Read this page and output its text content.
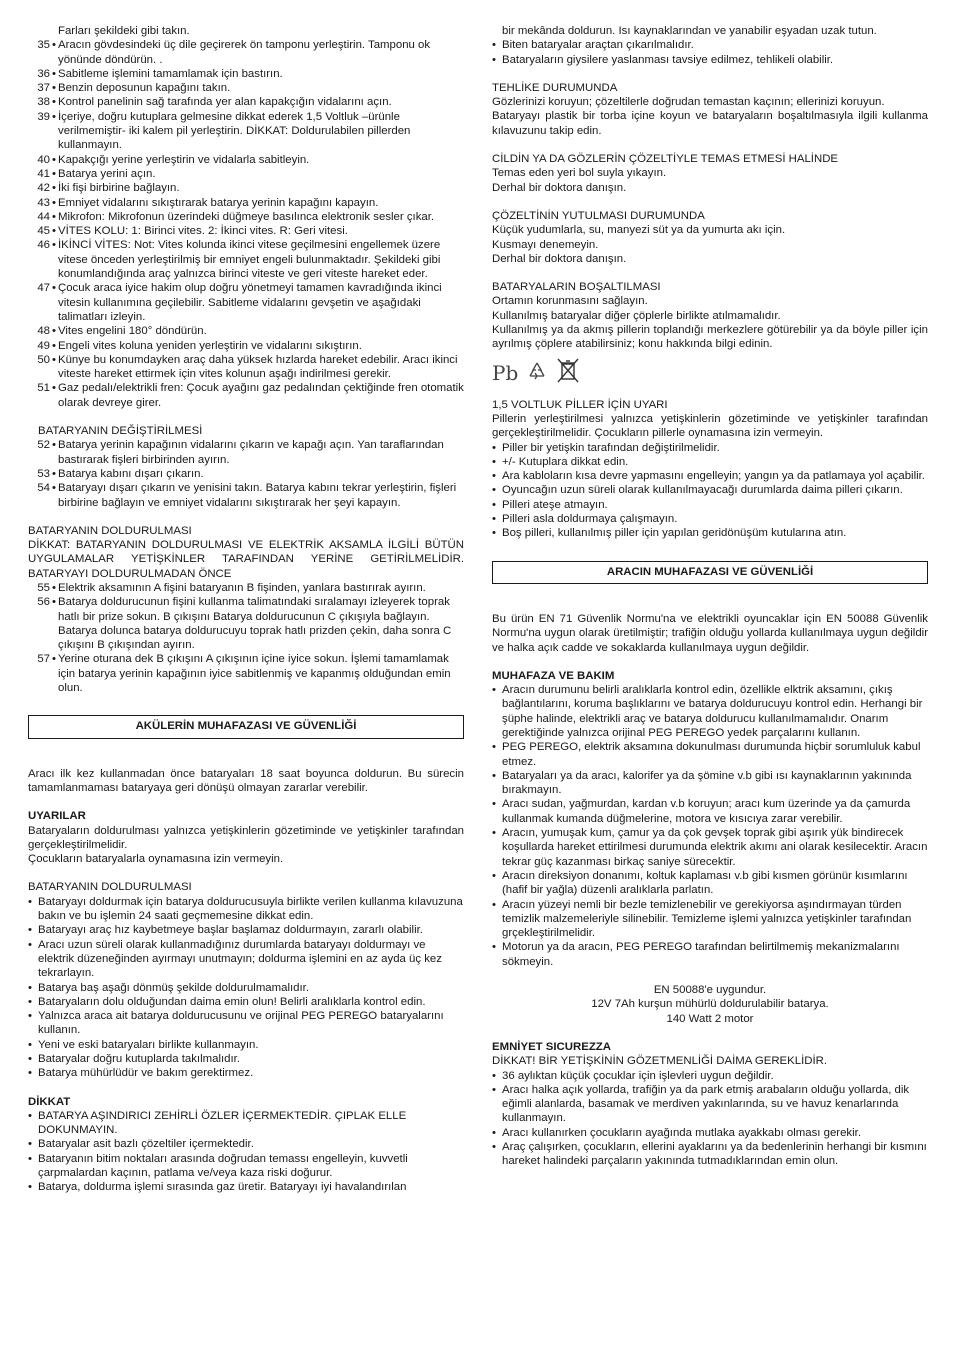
Farları şekildeki gibi takın.
35 • Aracın gövdesindeki üç dile geçirerek ön tamponu yerleştirin. Tamponu ok yönünde döndürün. .
36 • Sabitleme işlemini tamamlamak için bastırın.
37 • Benzin deposunun kapağını takın.
38 • Kontrol panelinin sağ tarafında yer alan kapakçığın vidalarını açın.
39 • İçeriye, doğru kutuplara gelmesine dikkat ederek 1,5 Voltluk –ürünle verilmemiştir- iki kalem pil yerleştirin. DİKKAT: Doldurulabilen pillerden kullanmayın.
40 • Kapakçığı yerine yerleştirin ve vidalarla sabitleyin.
41 • Batarya yerini açın.
42 • İki fişi birbirine bağlayın.
43 • Emniyet vidalarını sıkıştırarak batarya yerinin kapağını kapayın.
44 • Mikrofon: Mikrofonun üzerindeki düğmeye basılınca elektronik sesler çıkar.
45 • VİTES KOLU: 1: Birinci vites. 2: İkinci vites. R: Geri vitesi.
46 • İKİNCİ VİTES: Not: Vites kolunda ikinci vitese geçilmesini engellemek üzere vitese önceden yerleştirilmiş bir emniyet engeli bulunmaktadır. Şekildeki gibi konumlandığında araç yalnızca birinci viteste ve geri viteste hareket eder.
47 • Çocuk araca iyice hakim olup doğru yönetmeyi tamamen kavradığında ikinci vitesin kullanımına geçilebilir. Sabitleme vidalarını gevşetin ve aşağıdaki talimatları izleyin.
48 • Vites engelini 180° döndürün.
49 • Engeli vites koluna yeniden yerleştirin ve vidalarını sıkıştırın.
50 • Künye bu konumdayken araç daha yüksek hızlarda hareket edebilir. Aracı ikinci viteste hareket ettirmek için vites kolunun aşağı indirilmesi gerekir.
51 • Gaz pedalı/elektrikli fren: Çocuk ayağını gaz pedalından çektiğinde fren otomatik olarak devreye girer.
BATARYANIN DEĞİŞTİRİLMESİ
52 • Batarya yerinin kapağının vidalarını çıkarın ve kapağı açın. Yan taraflarından bastırarak fişleri birbirinden ayırın.
53 • Batarya kabını dışarı çıkarın.
54 • Bataryayı dışarı çıkarın ve yenisini takın. Batarya kabını tekrar yerleştirin, fişleri birbirine bağlayın ve emniyet vidalarını sıkıştırarak her şeyi kapayın.
BATARYANIN DOLDURULMASI
DİKKAT: BATARYANIN DOLDURULMASI VE ELEKTRİK AKSAMLA İLGİLİ BÜTÜN UYGULAMALAR YETİŞKİNLER TARAFINDAN YERİNE GETİRİLMELİDİR. BATARYAYI DOLDURULMADAN ÖNCE
55 • Elektrik aksamının A fişini bataryanın B fişinden, yanlara bastırırak ayırın.
56 • Batarya doldurucunun fişini kullanma talimatındaki sıralamayı izleyerek toprak hatlı bir prize sokun. B çıkışını Batarya doldurucunun C çıkışıyla bağlayın. Batarya dolunca batarya doldurucuyu toprak hatlı prizden çekin, daha sonra C çıkışını B çıkışından ayırın.
57 • Yerine oturana dek B çıkışını A çıkışının içine iyice sokun. İşlemi tamamlamak için batarya yerinin kapağının iyice sabitlenmiş ve kapanmış olduğundan emin olun.
AKÜLERİN MUHAFAZASI VE GÜVENLİĞİ
Aracı ilk kez kullanmadan önce bataryaları 18 saat boyunca doldurun. Bu sürecin tamamlanmaması bataryaya geri dönüşü olmayan zararlar verebilir.
UYARILAR
Bataryaların doldurulması yalnızca yetişkinlerin gözetiminde ve yetişkinler tarafından gerçekleştirilmelidir.
Çocukların bataryalarla oynamasına izin vermeyin.
BATARYANIN DOLDURULMASI
• Bataryayı doldurmak için batarya doldurucusuyla birlikte verilen kullanma kılavuzuna bakın ve bu işlemin 24 saati geçmemesine dikkat edin.
• Bataryayı araç hız kaybetmeye başlar başlamaz doldurmayın, zararlı olabilir.
• Aracı uzun süreli olarak kullanmadığınız durumlarda bataryayı doldurmayı ve elektrik düzeneğinden ayırmayı unutmayın; doldurma işlemini en az ayda üç kez tekrarlayın.
• Batarya baş aşağı dönmüş şekilde doldurulmamalıdır.
• Bataryaların dolu olduğundan daima emin olun! Belirli aralıklarla kontrol edin.
• Yalnızca araca ait batarya doldurucusunu ve orijinal PEG PEREGO bataryalarını kullanın.
• Yeni ve eski bataryaları birlikte kullanmayın.
• Bataryalar doğru kutuplarda takılmalıdır.
• Batarya mühürlüdür ve bakım gerektirmez.
DİKKAT
• BATARYA AŞINDIRICI ZEHİRLİ ÖZLER İÇERMEKTEDİR. ÇIPLAK ELLE DOKUNMAYIN.
• Bataryalar asit bazlı çözeltiler içermektedir.
• Bataryanın bitim noktaları arasında doğrudan temassı engelleyin, kuvvetli çarpmalardan kaçının, patlama ve/veya kaza riski doğurur.
• Batarya, doldurma işlemi sırasında gaz üretir. Bataryayı iyi havalandırılan
bir mekânda doldurun. Isı kaynaklarından ve yanabilir eşyadan uzak tutun.
• Biten bataryalar araçtan çıkarılmalıdır.
• Bataryaların giysilere yaslanması tavsiye edilmez, tehlikeli olabilir.
TEHLİKE DURUMUNDA
Gözlerinizi koruyun; çözeltilerle doğrudan temastan kaçının; ellerinizi koruyun.
Bataryayı plastik bir torba içine koyun ve bataryaların boşaltılmasıyla ilgili kullanma kılavuzunu takip edin.
CİLDİN YA DA GÖZLERİN ÇÖZELTİYLE TEMAS ETMESİ HALİNDE
Temas eden yeri bol suyla yıkayın.
Derhal bir doktora danışın.
ÇÖZELTİNİN YUTULMASI DURUMUNDA
Küçük yudumlarla, su, manyezi süt ya da yumurta akı için.
Kusmayı denemeyin.
Derhal bir doktora danışın.
BATARYALARIN BOŞALTILMASI
Ortamın korunmasını sağlayın.
Kullanılmış bataryalar diğer çöplerle birlikte atılmamalıdır.
Kullanılmış ya da akmış pillerin toplandığı merkezlere götürebilir ya da böyle piller için ayrılmış çöplere atabilirsiniz; konu hakkında bilgi edinin.
Pb
1,5 VOLTLUK PİLLER İÇİN UYARI
Pillerin yerleştirilmesi yalnızca yetişkinlerin gözetiminde ve yetişkinler tarafından gerçekleştirilmelidir. Çocukların pillerle oynamasına izin vermeyin.
• Piller bir yetişkin tarafından değiştirilmelidir.
• +/- Kutuplara dikkat edin.
• Ara kabloların kısa devre yapmasını engelleyin; yangın ya da patlamaya yol açabilir.
• Oyuncağın uzun süreli olarak kullanılmayacağı durumlarda daima pilleri çıkarın.
• Pilleri ateşe atmayın.
• Pilleri asla doldurmaya çalışmayın.
• Boş pilleri, kullanılmış piller için yapılan geridönüşüm kutularına atın.
ARACIN MUHAFAZASI VE GÜVENLİĞİ
Bu ürün EN 71 Güvenlik Normu'na ve elektrikli oyuncaklar için EN 50088 Güvenlik Normu'na uygun olarak üretilmiştir; trafiğin olduğu yollarda kullanılmaya uygun değildir ve halka açık cadde ve sokaklarda kullanılmaya uygun değildir.
MUHAFAZA VE BAKIM
• Aracın durumunu belirli aralıklarla kontrol edin, özellikle elktrik aksamını, çıkış bağlantılarını, koruma başlıklarını ve batarya doldurucuyu kontrol edin. Herhangi bir şüphe halinde, elektrikli araç ve batarya doldurucu kullanılmamalıdır. Onarım gerektiğinde yalnızca orijinal PEG PEREGO yedek parçalarını kullanın.
• PEG PEREGO, elektrik aksamına dokunulması durumunda hiçbir sorumluluk kabul etmez.
• Bataryaları ya da aracı, kalorifer ya da şömine v.b gibi ısı kaynaklarının yakınında bırakmayın.
• Aracı sudan, yağmurdan, kardan v.b koruyun; aracı kum üzerinde ya da çamurda kullanmak kumanda düğmelerine, motora ve kısıcıya zarar verebilir.
• Aracın, yumuşak kum, çamur ya da çok gevşek toprak gibi aşırık yük bindirecek koşullarda hareket ettirilmesi durumunda elektrik akımı ani olarak kesilecektir. Aracın tekrar güç kazanması birkaç saniye sürecektir.
• Aracın direksiyon donanımı, koltuk kaplaması v.b gibi kısmen görünür kısımlarını (hafif bir yağla) düzenli aralıklarla parlatın.
• Aracın yüzeyi nemli bir bezle temizlenebilir ve gerekiyorsa aşındırmayan türden temizlik malzemeleriyle silinebilir. Temizleme işlemi yalnızca yetişkinler tarafından grçekleştirilmelidir.
• Motorun ya da aracın, PEG PEREGO tarafından belirtilmemiş mekanizmalarını sökmeyin.
EN 50088'e uygundur.
12V 7Ah kurşun mühürlü doldurulabilir batarya.
140 Watt 2 motor
EMNİYET SICUREZZA
DİKKAT! BİR YETİŞKİNİN GÖZETMENLİĞİ DAİMA GEREKLİDİR.
• 36 aylıktan küçük çocuklar için işlevleri uygun değildir.
• Aracı halka açık yollarda, trafiğin ya da park etmiş arabaların olduğu yollarda, dik eğimli alanlarda, basamak ve merdiven yakınlarında, su ve havuz kenarlarında kullanmayın.
• Aracı kullanırken çocukların ayağında mutlaka ayakkabı olması gerekir.
• Araç çalışırken, çocukların, ellerini ayaklarını ya da bedenlerinin herhangi bir kısmını hareket halindeki parçaların yakınında tutmadıklarından emin olun.
